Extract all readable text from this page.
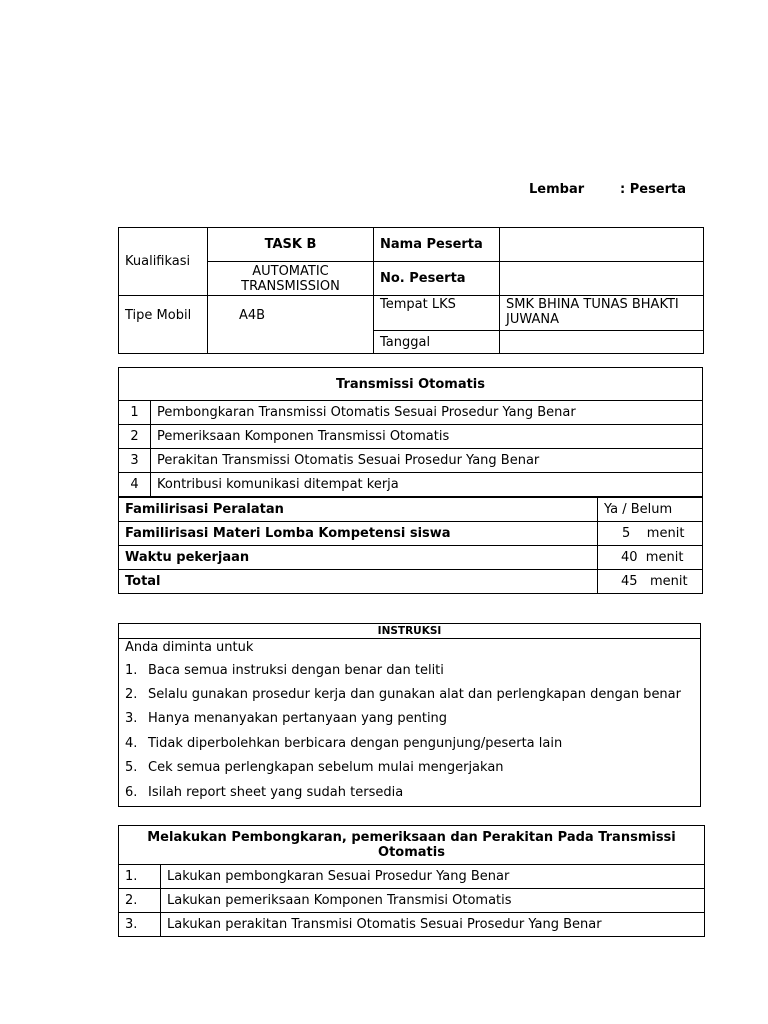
Lembar	: Peserta
Kualifikasi	TASK B	Nama Peserta	
	AUTOMATIC TRANSMISSION	No. Peserta	
Tipe Mobil	A4B	Tempat LKS	SMK BHINA TUNAS BHAKTI JUWANA
		Tanggal	
Transmissi Otomatis		
1	Pembongkaran Transmissi Otomatis Sesuai Prosedur Yang Benar	
2	Pemeriksaan Komponen Transmissi Otomatis	
3	Perakitan Transmissi Otomatis Sesuai Prosedur Yang Benar	
4	Kontribusi komunikasi ditempat kerja	
Familirisasi Peralatan		Ya / Belum
Familirisasi Materi Lomba Kompetensi siswa		5    menit
Waktu pekerjaan		40  menit
Total		45   menit
INSTRUKSI
Anda diminta untuk
1. Baca semua instruksi dengan benar dan teliti
2. Selalu gunakan prosedur kerja dan gunakan alat dan perlengkapan dengan benar
3. Hanya menanyakan pertanyaan yang penting
4. Tidak diperbolehkan berbicara dengan pengunjung/peserta lain
5. Cek semua perlengkapan sebelum mulai mengerjakan
6. Isilah report sheet yang sudah tersedia
Melakukan Pembongkaran, pemeriksaan dan Perakitan Pada Transmissi Otomatis	
1.	Lakukan pembongkaran Sesuai Prosedur Yang Benar
2.	Lakukan pemeriksaan Komponen Transmisi Otomatis
3.	Lakukan perakitan Transmisi Otomatis Sesuai Prosedur Yang Benar
